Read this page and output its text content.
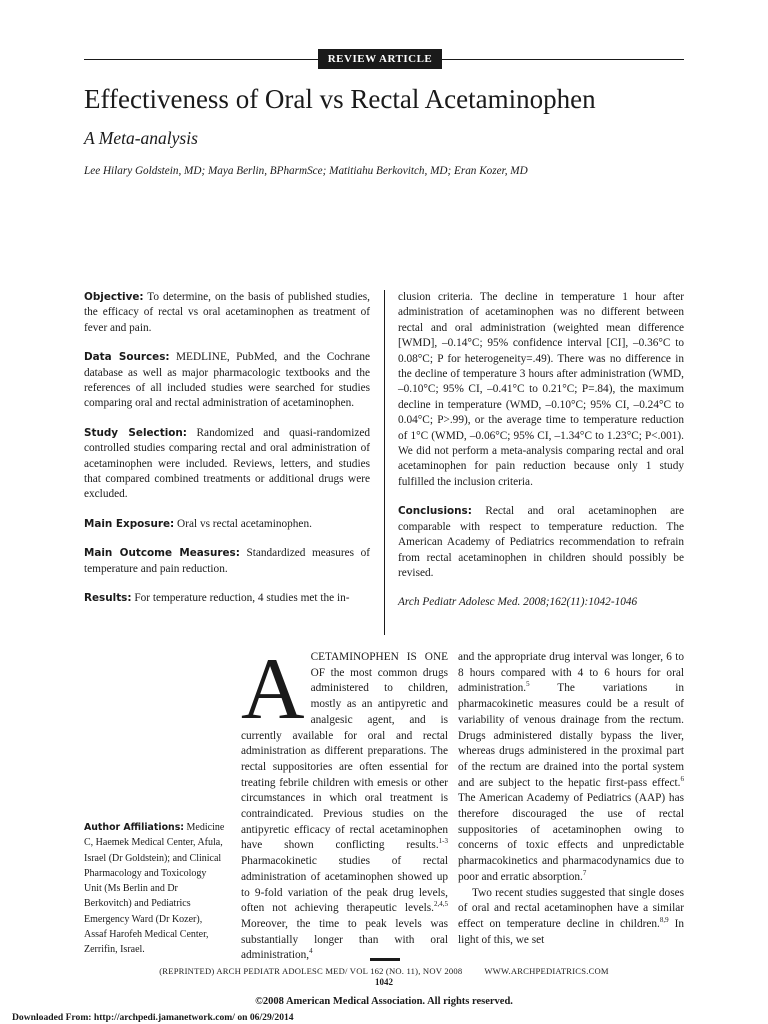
REVIEW ARTICLE
Effectiveness of Oral vs Rectal Acetaminophen
A Meta-analysis
Lee Hilary Goldstein, MD; Maya Berlin, BPharmSce; Matitiahu Berkovitch, MD; Eran Kozer, MD

Objective: To determine, on the basis of published studies, the efficacy of rectal vs oral acetaminophen as treatment of fever and pain.

Data Sources: MEDLINE, PubMed, and the Cochrane database as well as major pharmacologic textbooks and the references of all included studies were searched for studies comparing oral and rectal administration of acetaminophen.

Study Selection: Randomized and quasi-randomized controlled studies comparing rectal and oral administration of acetaminophen were included. Reviews, letters, and studies that compared combined treatments or additional drugs were excluded.

Main Exposure: Oral vs rectal acetaminophen.

Main Outcome Measures: Standardized measures of temperature and pain reduction.

Results: For temperature reduction, 4 studies met the in-

clusion criteria. The decline in temperature 1 hour after administration of acetaminophen was no different between rectal and oral administration (weighted mean difference [WMD], –0.14°C; 95% confidence interval [CI], –0.36°C to 0.08°C; P for heterogeneity=.49). There was no difference in the decline of temperature 3 hours after administration (WMD, –0.10°C; 95% CI, –0.41°C to 0.21°C; P=.84), the maximum decline in temperature (WMD, –0.10°C; 95% CI, –0.24°C to 0.04°C; P>.99), or the average time to temperature reduction of 1°C (WMD, –0.06°C; 95% CI, –1.34°C to 1.23°C; P<.001). We did not perform a meta-analysis comparing rectal and oral acetaminophen for pain reduction because only 1 study fulfilled the inclusion criteria.

Conclusions: Rectal and oral acetaminophen are comparable with respect to temperature reduction. The American Academy of Pediatrics recommendation to refrain from rectal acetaminophen in children should possibly be revised.

Arch Pediatr Adolesc Med. 2008;162(11):1042-1046

Author Affiliations: Medicine C, Haemek Medical Center, Afula, Israel (Dr Goldstein); and Clinical Pharmacology and Toxicology Unit (Ms Berlin and Dr Berkovitch) and Pediatrics Emergency Ward (Dr Kozer), Assaf Harofeh Medical Center, Zerrifin, Israel.

ACETAMINOPHEN IS ONE OF the most common drugs administered to children, mostly as an antipyretic and analgesic agent, and is currently available for oral and rectal administration as different preparations. The rectal suppositories are often essential for treating febrile children with emesis or other circumstances in which oral treatment is contraindicated. Previous studies on the antipyretic efficacy of rectal acetaminophen have shown conflicting results.$^{1-3}$ Pharmacokinetic studies of rectal administration of acetaminophen showed up to 9-fold variation of the peak drug levels, often not achieving therapeutic levels.$^{2,4,5}$ Moreover, the time to peak levels was substantially longer than with oral administration,$^4$

and the appropriate drug interval was longer, 6 to 8 hours compared with 4 to 6 hours for oral administration.$^5$ The variations in pharmacokinetic measures could be a result of variability of venous drainage from the rectum. Drugs administered distally bypass the liver, whereas drugs administered in the proximal part of the rectum are drained into the portal system and are subject to the hepatic first-pass effect.$^6$ The American Academy of Pediatrics (AAP) has therefore discouraged the use of rectal suppositories of acetaminophen owing to concerns of toxic effects and unpredictable pharmacokinetics and pharmacodynamics due to poor and erratic absorption.$^7$

Two recent studies suggested that single doses of oral and rectal acetaminophen have a similar effect on temperature decline in children.$^{8,9}$ In light of this, we set

(REPRINTED) ARCH PEDIATR ADOLESC MED/ VOL 162 (NO. 11), NOV 2008	WWW.ARCHPEDIATRICS.COM
1042
©2008 American Medical Association. All rights reserved.
Downloaded From: http://archpedi.jamanetwork.com/ on 06/29/2014
